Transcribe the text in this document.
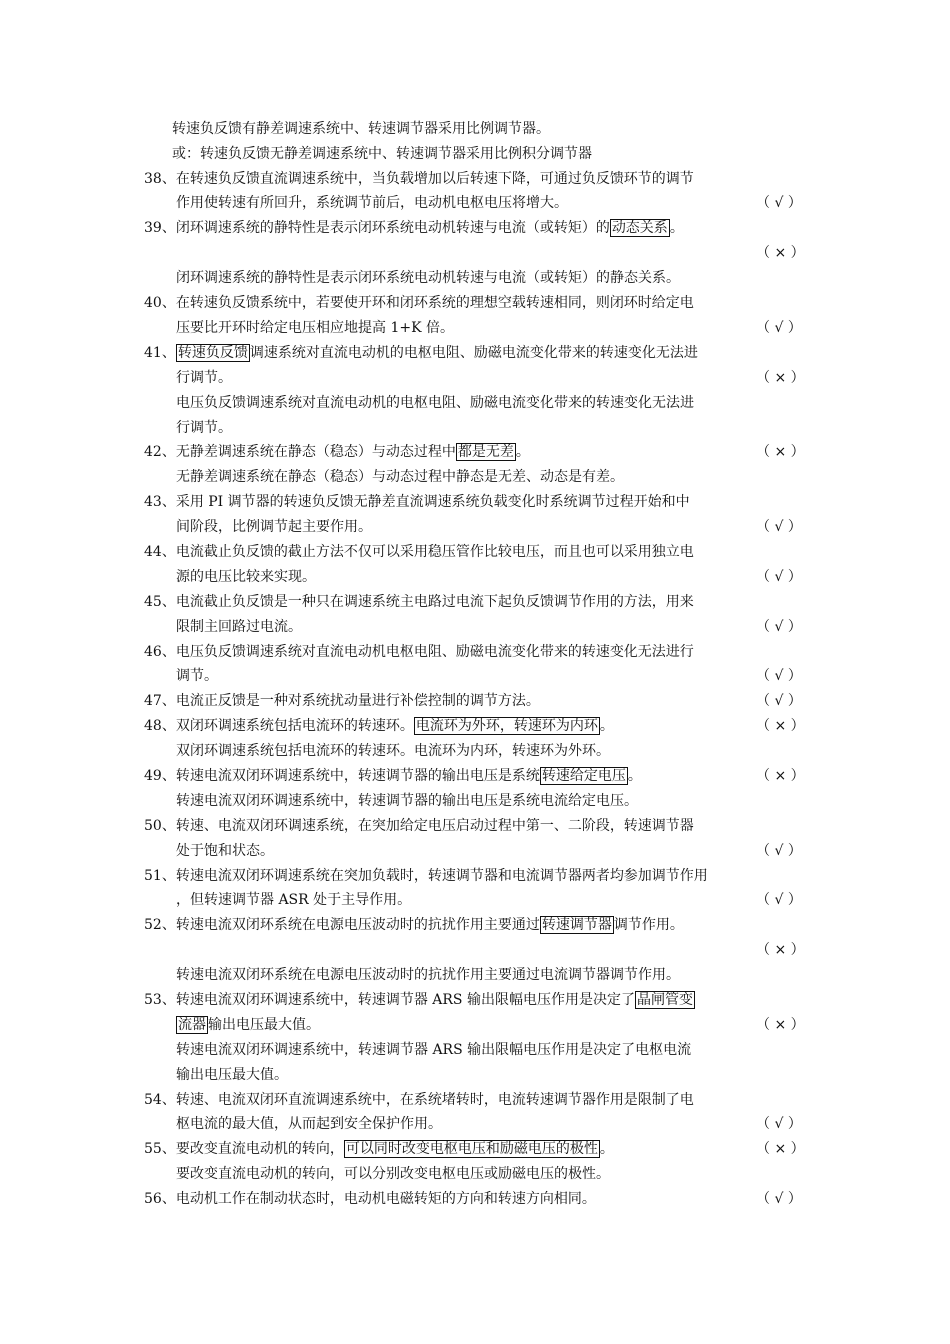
转速负反馈有静差调速系统中、转速调节器采用比例调节器。
或：转速负反馈无静差调速系统中、转速调节器采用比例积分调节器
38、在转速负反馈直流调速系统中，当负载增加以后转速下降，可通过负反馈环节的调节
作用使转速有所回升，系统调节前后，电动机电枢电压将增大。	（ √ ）
39、闭环调速系统的静特性是表示闭环系统电动机转速与电流（或转矩）的 动态关系 。
（ × ）
闭环调速系统的静特性是表示闭环系统电动机转速与电流（或转矩）的静态关系。
40、在转速负反馈系统中，若要使开环和闭环系统的理想空载转速相同，则闭环时给定电
压要比开环时给定电压相应地提高 1+K 倍。	（ √ ）
41、 转速负反馈 调速系统对直流电动机的电枢电阻、励磁电流变化带来的转速变化无法进
行调节。	（ × ）
电压负反馈调速系统对直流电动机的电枢电阻、励磁电流变化带来的转速变化无法进
行调节。
42、无静差调速系统在静态（稳态）与动态过程中 都是无差 。	（ × ）
无静差调速系统在静态（稳态）与动态过程中静态是无差、动态是有差。
43、采用 PI 调节器的转速负反馈无静差直流调速系统负载变化时系统调节过程开始和中
间阶段，比例调节起主要作用。	（ √ ）
44、电流截止负反馈的截止方法不仅可以采用稳压管作比较电压，而且也可以采用独立电
源的电压比较来实现。	（ √ ）
45、电流截止负反馈是一种只在调速系统主电路过电流下起负反馈调节作用的方法，用来
限制主回路过电流。	（ √ ）
46、电压负反馈调速系统对直流电动机电枢电阻、励磁电流变化带来的转速变化无法进行
调节。	（ √ ）
47、电流正反馈是一种对系统扰动量进行补偿控制的调节方法。	（ √ ）
48、双闭环调速系统包括电流环的转速环。 电流环为外环，转速环为内环 。	（ × ）
双闭环调速系统包括电流环的转速环。电流环为内环，转速环为外环。
49、转速电流双闭环调速系统中，转速调节器的输出电压是系统 转速给定电压 。	（ × ）
转速电流双闭环调速系统中，转速调节器的输出电压是系统电流给定电压。
50、转速、电流双闭环调速系统，在突加给定电压启动过程中第一、二阶段，转速调节器
处于饱和状态。	（ √ ）
51、转速电流双闭环调速系统在突加负载时，转速调节器和电流调节器两者均参加调节作用
，但转速调节器 ASR 处于主导作用。	（ √ ）
52、转速电流双闭环系统在电源电压波动时的抗扰作用主要通过 转速调节器 调节作用。
（ × ）
转速电流双闭环系统在电源电压波动时的抗扰作用主要通过电流调节器调节作用。
53、转速电流双闭环调速系统中，转速调节器 ARS 输出限幅电压作用是决定了 晶闸管变
流器 输出电压最大值。	（ × ）
转速电流双闭环调速系统中，转速调节器 ARS 输出限幅电压作用是决定了电枢电流
输出电压最大值。
54、转速、电流双闭环直流调速系统中，在系统堵转时，电流转速调节器作用是限制了电
枢电流的最大值，从而起到安全保护作用。	（ √ ）
55、要改变直流电动机的转向， 可以同时改变电枢电压和励磁电压的极性 。	（ × ）
要改变直流电动机的转向，可以分别改变电枢电压或励磁电压的极性。
56、电动机工作在制动状态时，电动机电磁转矩的方向和转速方向相同。	（ √ ）
